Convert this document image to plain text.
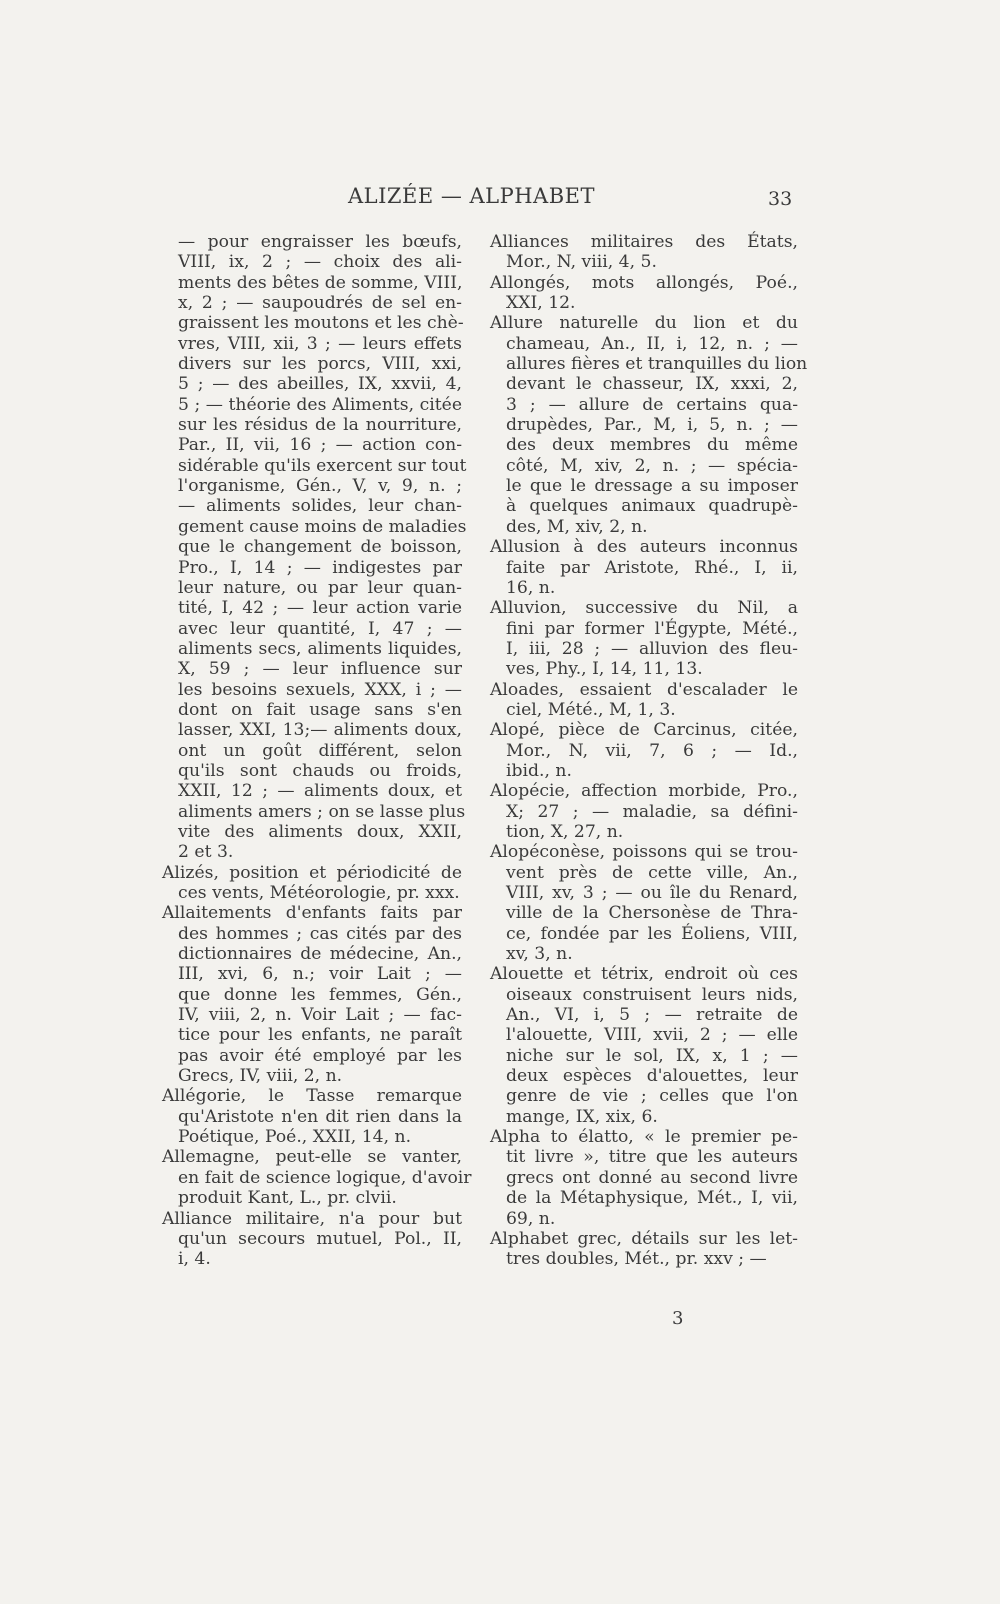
ALIZÉE — ALPHABET	33
— pour engraisser les bœufs,
VIII, ix, 2 ; — choix des ali-
ments des bêtes de somme, VIII,
x, 2 ; — saupoudrés de sel en-
graissent les moutons et les chè-
vres, VIII, xii, 3 ; — leurs effets
divers sur les porcs, VIII, xxi,
5 ; — des abeilles, IX, xxvii, 4,
5 ; — théorie des Aliments, citée
sur les résidus de la nourriture,
Par., II, vii, 16 ; — action con-
sidérable qu'ils exercent sur tout
l'organisme, Gén., V, v, 9, n. ;
— aliments solides, leur chan-
gement cause moins de maladies
que le changement de boisson,
Pro., I, 14 ; — indigestes par
leur nature, ou par leur quan-
tité, I, 42 ; — leur action varie
avec leur quantité, I, 47 ; —
aliments secs, aliments liquides,
X, 59 ; — leur influence sur
les besoins sexuels, XXX, i ; —
dont on fait usage sans s'en
lasser, XXI, 13;— aliments doux,
ont un goût différent, selon
qu'ils sont chauds ou froids,
XXII, 12 ; — aliments doux, et
aliments amers ; on se lasse plus
vite des aliments doux, XXII,
2 et 3.
Alizés, position et périodicité de
ces vents, Météorologie, pr. xxx.
Allaitements d'enfants faits par
des hommes ; cas cités par des
dictionnaires de médecine, An.,
III, xvi, 6, n.; voir Lait ; —
que donne les femmes, Gén.,
IV, viii, 2, n. Voir Lait ; — fac-
tice pour les enfants, ne paraît
pas avoir été employé par les
Grecs, IV, viii, 2, n.
Allégorie, le Tasse remarque
qu'Aristote n'en dit rien dans la
Poétique, Poé., XXII, 14, n.
Allemagne, peut-elle se vanter,
en fait de science logique, d'avoir
produit Kant, L., pr. clvii.
Alliance militaire, n'a pour but
qu'un secours mutuel, Pol., II,
i, 4.
Alliances militaires des États,
Mor., N, viii, 4, 5.
Allongés, mots allongés, Poé.,
XXI, 12.
Allure naturelle du lion et du
chameau, An., II, i, 12, n. ; —
allures fières et tranquilles du lion
devant le chasseur, IX, xxxi, 2,
3 ; — allure de certains qua-
drupèdes, Par., M, i, 5, n. ; —
des deux membres du même
côté, M, xiv, 2, n. ; — spécia-
le que le dressage a su imposer
à quelques animaux quadrupè-
des, M, xiv, 2, n.
Allusion à des auteurs inconnus
faite par Aristote, Rhé., I, ii,
16, n.
Alluvion, successive du Nil, a
fini par former l'Égypte, Mété.,
I, iii, 28 ; — alluvion des fleu-
ves, Phy., I, 14, 11, 13.
Aloades, essaient d'escalader le
ciel, Mété., M, 1, 3.
Alopé, pièce de Carcinus, citée,
Mor., N, vii, 7, 6 ; — Id.,
ibid., n.
Alopécie, affection morbide, Pro.,
X; 27 ; — maladie, sa défini-
tion, X, 27, n.
Alopéconèse, poissons qui se trou-
vent près de cette ville, An.,
VIII, xv, 3 ; — ou île du Renard,
ville de la Chersonèse de Thra-
ce, fondée par les Éoliens, VIII,
xv, 3, n.
Alouette et tétrix, endroit où ces
oiseaux construisent leurs nids,
An., VI, i, 5 ; — retraite de
l'alouette, VIII, xvii, 2 ; — elle
niche sur le sol, IX, x, 1 ; —
deux espèces d'alouettes, leur
genre de vie ; celles que l'on
mange, IX, xix, 6.
Alpha to élatto, « le premier pe-
tit livre », titre que les auteurs
grecs ont donné au second livre
de la Métaphysique, Mét., I, vii,
69, n.
Alphabet grec, détails sur les let-
tres doubles, Mét., pr. xxv ; —
3
